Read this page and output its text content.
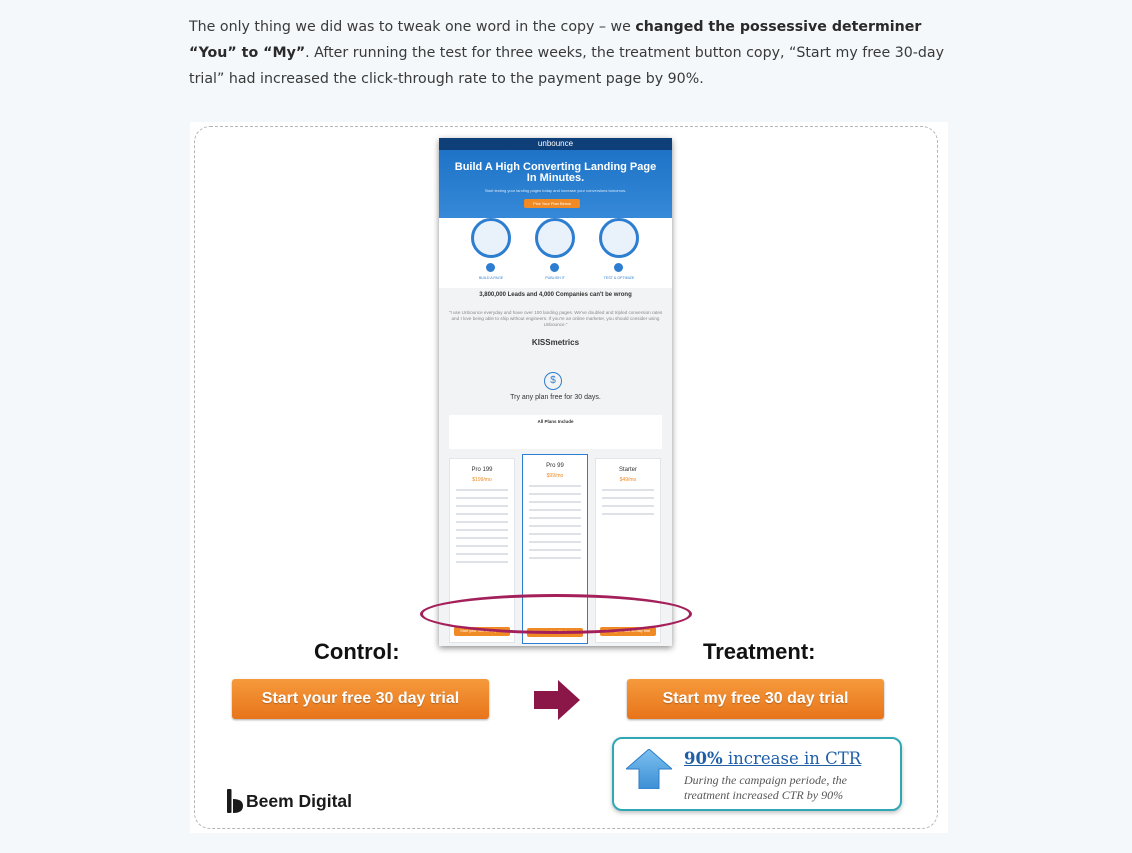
The only thing we did was to tweak one word in the copy – we changed the possessive determiner “You” to “My”. After running the test for three weeks, the treatment button copy, “Start my free 30-day trial” had increased the click-through rate to the payment page by 90%.

unbounce
Build A High Converting Landing Page In Minutes.
Start testing your landing pages today and increase your conversions tomorrow.
Pick Your Plan Below
BUILD A PAGE	PUBLISH IT	TEST & OPTIMIZE
3,800,000 Leads and 4,000 Companies can't be wrong
"I use Unbounce everyday and have over 100 landing pages. We've doubled and tripled conversion rates and I love being able to ship without engineers. If you're an online marketer, you should consider using Unbounce."
KISSmetrics
$
Try any plan free for 30 days.
All Plans Include
Pro 199
$199/mo
Start your free 30 day trial
Pro 99
$99/mo
Start your free 30 day trial
Starter
$49/mo
Start your free 30 day trial
Control:	Treatment:
Start your free 30 day trial	Start my free 30 day trial
90% increase in CTR
During the campaign periode, the treatment increased CTR by 90%
Beem Digital
